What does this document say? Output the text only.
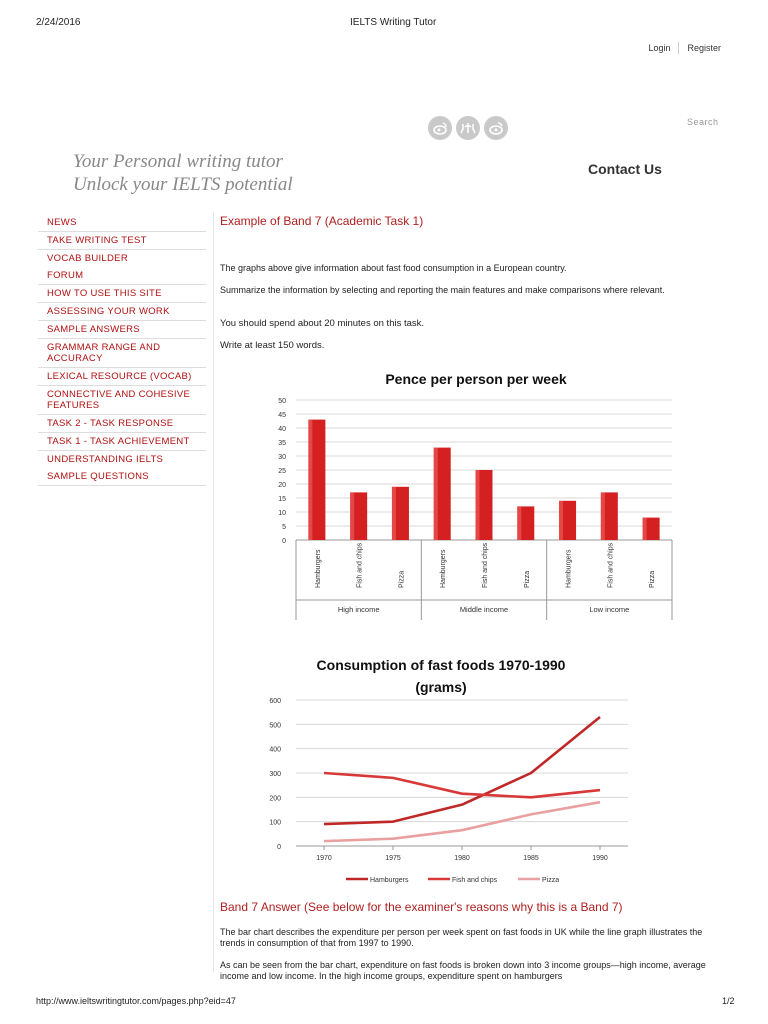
2/24/2016	IELTS Writing Tutor
Login Register
Search
Your Personal writing tutor
Unlock your IELTS potential
Contact Us
NEWS
TAKE WRITING TEST
VOCAB BUILDER
FORUM
HOW TO USE THIS SITE
ASSESSING YOUR WORK
SAMPLE ANSWERS
GRAMMAR RANGE AND ACCURACY
LEXICAL RESOURCE (VOCAB)
CONNECTIVE AND COHESIVE FEATURES
TASK 2 - TASK RESPONSE
TASK 1 - TASK ACHIEVEMENT
UNDERSTANDING IELTS
SAMPLE QUESTIONS
Example of Band 7 (Academic Task 1)
The graphs above give information about fast food consumption in a European country.
Summarize the information by selecting and reporting the main features and make comparisons where relevant.
You should spend about 20 minutes on this task.
Write at least 150 words.
Pence per person per week
0
5
10
15
20
25
30
35
40
45
50
Hamburgers	Fish and chips	Pizza
High income
Hamburgers	Fish and chips	Pizza
Middle income
Hamburgers	Fish and chips	Pizza
Low income
Consumption of fast foods 1970-1990
(grams)
0
100
200
300
400
500
600
1970	1975	1980	1985	1990
Hamburgers	Fish and chips	Pizza
Band 7 Answer (See below for the examiner's reasons why this is a Band 7)
The bar chart describes the expenditure per person per week spent on fast foods in UK while the line graph illustrates the trends in consumption of that from 1997 to 1990.
As can be seen from the bar chart, expenditure on fast foods is broken down into 3 income groups—high income, average income and low income. In the high income groups, expenditure spent on hamburgers
http://www.ieltswritingtutor.com/pages.php?eid=47	1/2
